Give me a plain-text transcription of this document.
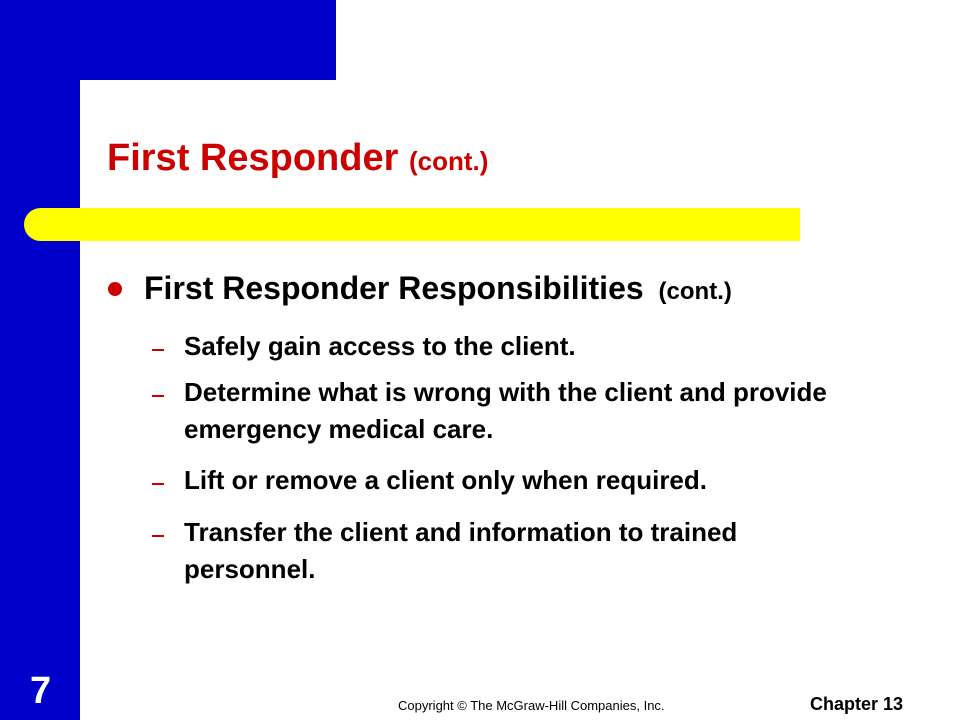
First Responder (cont.)
First Responder Responsibilities (cont.)
Safely gain access to the client.
Determine what is wrong with the client and provide emergency medical care.
Lift or remove a client only when required.
Transfer the client and information to trained personnel.
7	Copyright © The McGraw-Hill Companies, Inc.	Chapter 13
